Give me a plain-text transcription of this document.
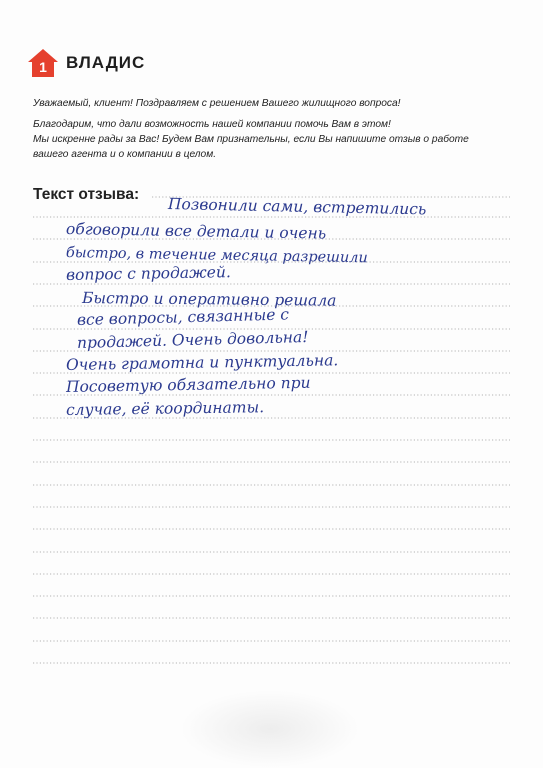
1 ВЛАДИС
Уважаемый, клиент! Поздравляем с решением Вашего жилищного вопроса!
Благодарим, что дали возможность нашей компании помочь Вам в этом!
Мы искренне рады за Вас! Будем Вам признательны, если Вы напишите отзыв о работе
вашего агента и о компании в целом.
Текст отзыва:
Позвонили сами, встретились
обговорили все детали и очень
быстро, в течение месяца разрешили
вопрос с продажей.
Быстро и оперативно решала
все вопросы, связанные с
продажей. Очень довольна!
Очень грамотна и пунктуальна.
Посоветую обязательно при
случае, её координаты.
